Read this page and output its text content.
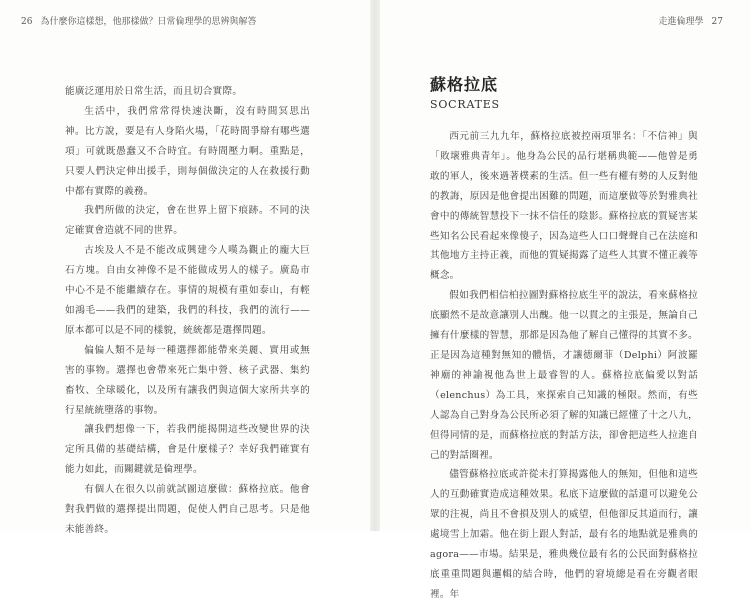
26 為什麼你這樣想，他那樣做？日常倫理學的思辨與解答	走進倫理學 27

能廣泛運用於日常生活，而且切合實際。

生活中，我們常常得快速決斷，沒有時間冥思出神。比方說，要是有人身陷火場，「花時間爭辯有哪些選項」可就既愚蠢又不合時宜。有時間壓力啊。重點是，只要人們決定伸出援手，則每個做決定的人在救援行動中都有實際的義務。

我們所做的決定，會在世界上留下痕跡。不同的決定確實會造就不同的世界。

古埃及人不是不能改成興建今人嘆為觀止的龐大巨石方塊。自由女神像不是不能做成男人的樣子。廣島市中心不是不能繼續存在。事情的規模有重如泰山，有輕如鴻毛——我們的建築，我們的科技，我們的流行——原本都可以是不同的樣貌，統統都是選擇問題。

偏偏人類不是每一種選擇都能帶來美麗、實用或無害的事物。選擇也會帶來死亡集中營、核子武器、集約畜牧、全球暖化，以及所有讓我們與這個大家所共享的行星統統墮落的事物。

讓我們想像一下，若我們能揭開這些改變世界的決定所具備的基礎結構，會是什麼樣子？幸好我們確實有能力如此，而關鍵就是倫理學。

有個人在很久以前就試圖這麼做：蘇格拉底。他會對我們做的選擇提出問題，促使人們自己思考。只是他未能善終。

蘇格拉底
SOCRATES

西元前三九九年，蘇格拉底被控兩項罪名：「不信神」與「敗壞雅典青年」。他身為公民的品行堪稱典範——他曾是勇敢的軍人，後來過著樸素的生活。但一些有權有勢的人反對他的教誨，原因是他會提出困難的問題，而這麼做等於對雅典社會中的傳統智慧投下一抹不信任的陰影。蘇格拉底的質疑害某些知名公民看起來像傻子，因為這些人口口聲聲自己在法庭和其他地方主持正義，而他的質疑揭露了這些人其實不懂正義等概念。

假如我們相信柏拉圖對蘇格拉底生平的說法，看來蘇格拉底顯然不是故意讓別人出醜。他一以貫之的主張是，無論自己擁有什麼樣的智慧，那都是因為他了解自己懂得的其實不多。正是因為這種對無知的體悟，才讓德爾菲（Delphi）阿波羅神廟的神諭視他為世上最睿智的人。蘇格拉底偏愛以對話（elenchus）為工具，來探索自己知識的極限。然而，有些人認為自己對身為公民所必須了解的知識已經懂了十之八九，但得同情的是，而蘇格拉底的對話方法，卻會把這些人拉進自己的對話圈裡。

儘管蘇格拉底或許從未打算揭露他人的無知，但他和這些人的互動確實造成這種效果。私底下這麼做的話還可以避免公眾的注視，尚且不會損及別人的威望，但他卻反其道而行，讓處境雪上加霜。他在街上跟人對話，最有名的地點就是雅典的agora——市場。結果是，雅典幾位最有名的公民面對蘇格拉底重重問題與邏輯的結合時，他們的窘境總是看在旁觀者眼裡。年
